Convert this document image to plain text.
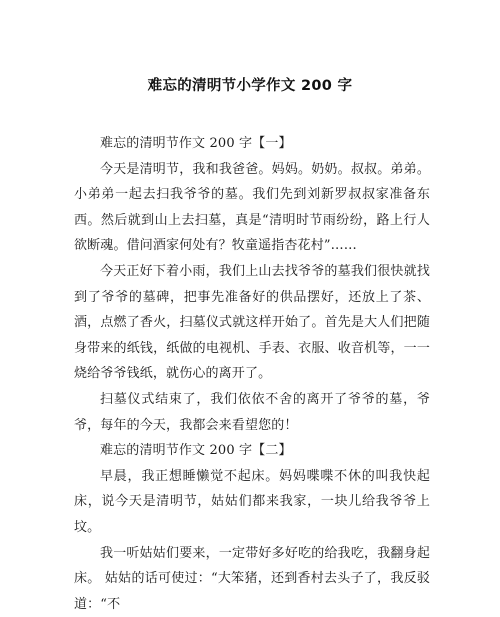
难忘的清明节小学作文 200 字

难忘的清明节作文 200 字【一】

今天是清明节，我和我爸爸。妈妈。奶奶。叔叔。弟弟。小弟弟一起去扫我爷爷的墓。我们先到刘新罗叔叔家准备东西。然后就到山上去扫墓，真是“清明时节雨纷纷，路上行人欲断魂。借问酒家何处有？牧童遥指杏花村”……

今天正好下着小雨，我们上山去找爷爷的墓我们很快就找到了爷爷的墓碑，把事先准备好的供品摆好，还放上了茶、酒，点燃了香火，扫墓仪式就这样开始了。首先是大人们把随身带来的纸钱，纸做的电视机、手表、衣服、收音机等，一一烧给爷爷钱纸，就伤心的离开了。

扫墓仪式结束了，我们依依不舍的离开了爷爷的墓，爷爷，每年的今天，我都会来看望您的！

难忘的清明节作文 200 字【二】

早晨，我正想睡懒觉不起床。妈妈喋喋不休的叫我快起床，说今天是清明节，姑姑们都来我家，一块儿给我爷爷上坟。

我一听姑姑们要来，一定带好多好吃的给我吃，我翻身起床。 姑姑的话可使过：“大笨猪，还到香村去头子了，我反驳道：“不
